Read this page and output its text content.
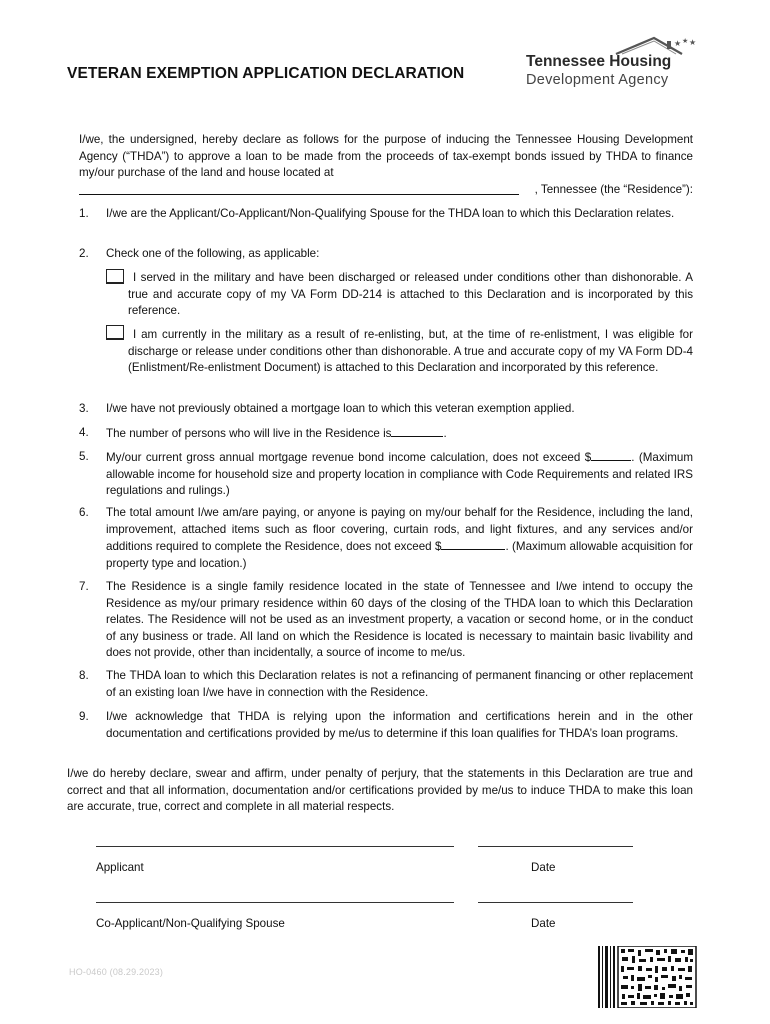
VETERAN EXEMPTION APPLICATION DECLARATION
★ ★ ★
Tennessee Housing
Development Agency
I/we, the undersigned, hereby declare as follows for the purpose of inducing the Tennessee Housing Development Agency (“THDA”) to approve a loan to be made from the proceeds of tax-exempt bonds issued by THDA to finance my/our purchase of the land and house located at
, Tennessee (the “Residence”):
1.	I/we are the Applicant/Co-Applicant/Non-Qualifying Spouse for the THDA loan to which this Declaration relates.
2.	Check one of the following, as applicable:
I served in the military and have been discharged or released under conditions other than dishonorable. A true and accurate copy of my VA Form DD-214 is attached to this Declaration and is incorporated by this reference.
I am currently in the military as a result of re-enlisting, but, at the time of re-enlistment, I was eligible for discharge or release under conditions other than dishonorable. A true and accurate copy of my VA Form DD-4 (Enlistment/Re-enlistment Document) is attached to this Declaration and incorporated by this reference.
3.	I/we have not previously obtained a mortgage loan to which this veteran exemption applied.
4.	The number of persons who will live in the Residence is	.
5.	My/our current gross annual mortgage revenue bond income calculation, does not exceed $	. (Maximum allowable income for household size and property location in compliance with Code Requirements and related IRS regulations and rulings.)
6.	The total amount I/we am/are paying, or anyone is paying on my/our behalf for the Residence, including the land, improvement, attached items such as floor covering, curtain rods, and light fixtures, and any services and/or additions required to complete the Residence, does not exceed $	. (Maximum allowable acquisition for property type and location.)
7.	The Residence is a single family residence located in the state of Tennessee and I/we intend to occupy the Residence as my/our primary residence within 60 days of the closing of the THDA loan to which this Declaration relates. The Residence will not be used as an investment property, a vacation or second home, or in the conduct of any business or trade. All land on which the Residence is located is necessary to maintain basic livability and does not provide, other than incidentally, a source of income to me/us.
8.	The THDA loan to which this Declaration relates is not a refinancing of permanent financing or other replacement of an existing loan I/we have in connection with the Residence.
9.	I/we acknowledge that THDA is relying upon the information and certifications herein and in the other documentation and certifications provided by me/us to determine if this loan qualifies for THDA’s loan programs.
I/we do hereby declare, swear and affirm, under penalty of perjury, that the statements in this Declaration are true and correct and that all information, documentation and/or certifications provided by me/us to induce THDA to make this loan are accurate, true, correct and complete in all material respects.
Applicant	Date
Co-Applicant/Non-Qualifying Spouse	Date
HO-0460 (08.29.2023)
